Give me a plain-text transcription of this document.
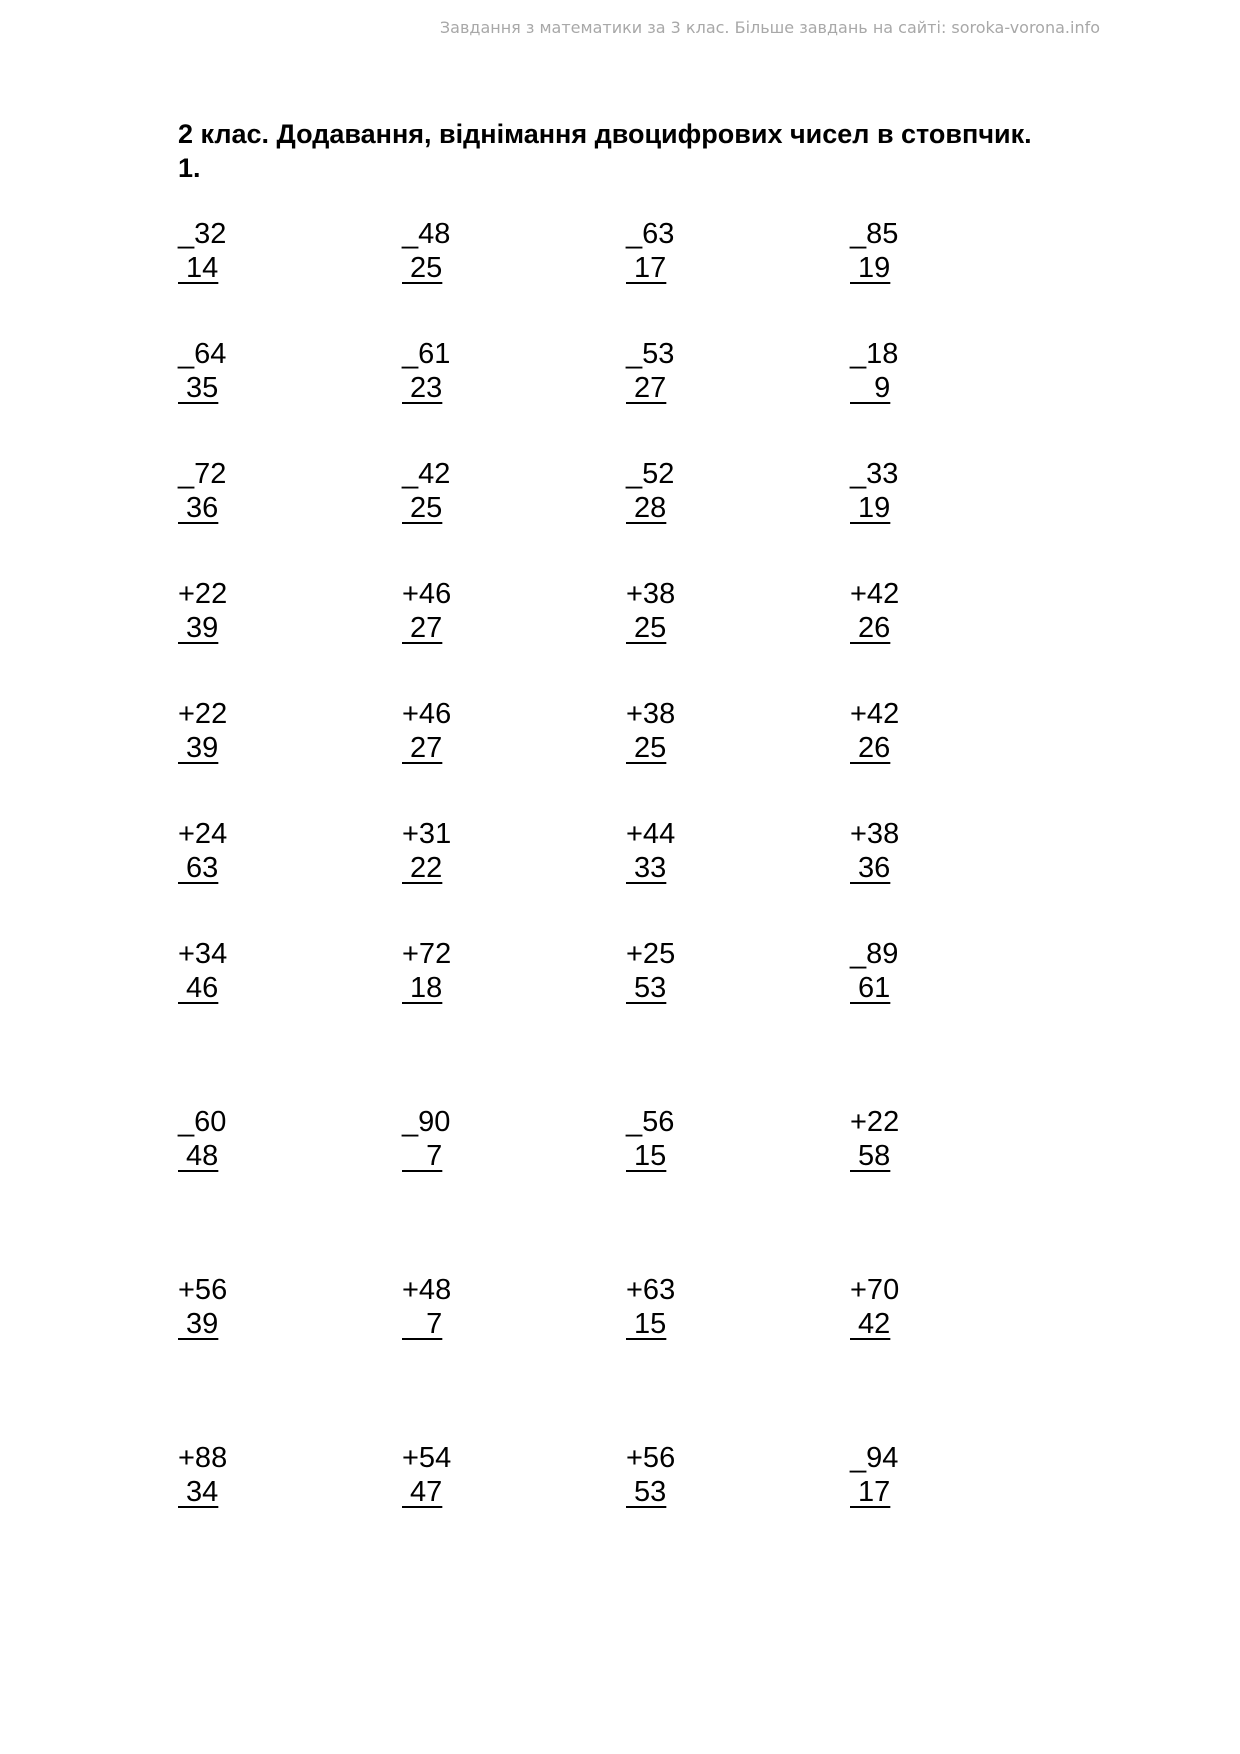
Завдання з математики за 3 клас. Більше завдань на сайті: soroka-vorona.info
2 клас. Додавання, віднімання двоцифрових чисел в стовпчик.
1.
_32
14
_48
25
_63
17
_85
19
_64
35
_61
23
_53
27
_18
9
_72
36
_42
25
_52
28
_33
19
+22
39
+46
27
+38
25
+42
26
+22
39
+46
27
+38
25
+42
26
+24
63
+31
22
+44
33
+38
36
+34
46
+72
18
+25
53
_89
61
_60
48
_90
7
_56
15
+22
58
+56
39
+48
7
+63
15
+70
42
+88
34
+54
47
+56
53
_94
17
